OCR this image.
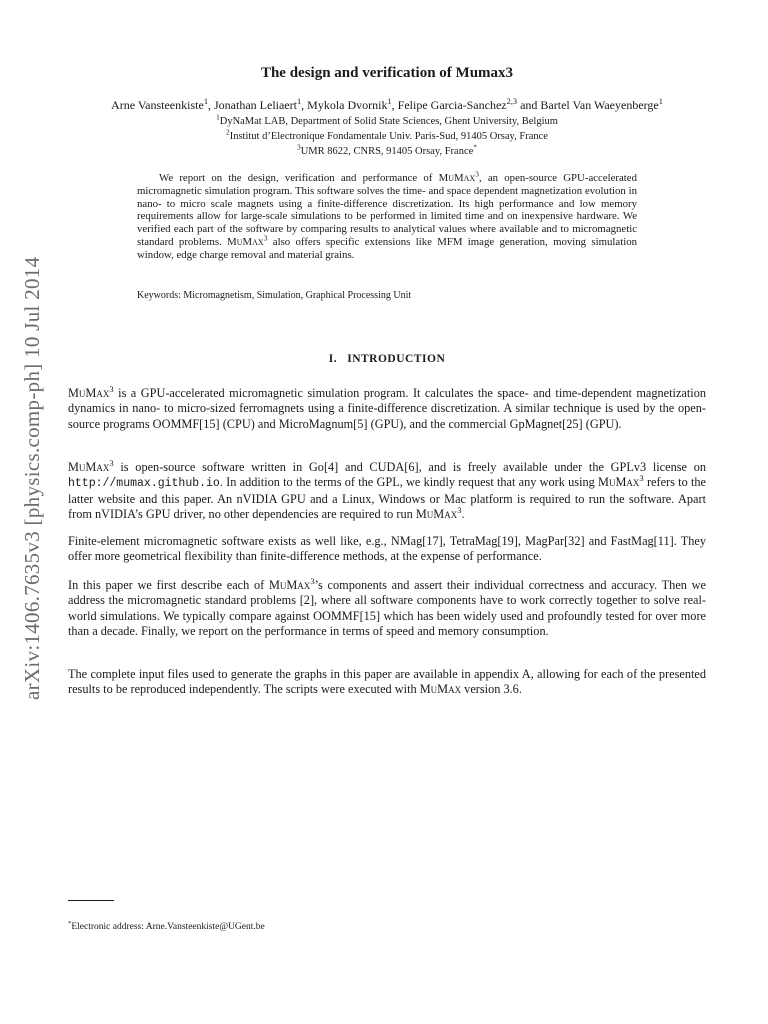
arXiv:1406.7635v3 [physics.comp-ph] 10 Jul 2014
The design and verification of Mumax3
Arne Vansteenkiste$^1$, Jonathan Leliaert$^1$, Mykola Dvornik$^1$, Felipe Garcia-Sanchez$^{2,3}$ and Bartel Van Waeyenberge$^1$
$^1$DyNaMat LAB, Department of Solid State Sciences, Ghent University, Belgium
$^2$Institut d’Electronique Fondamentale Univ. Paris-Sud, 91405 Orsay, France
$^3$UMR 8622, CNRS, 91405 Orsay, France*

We report on the design, verification and performance of MuMax$^3$, an open-source GPU-accelerated micromagnetic simulation program. This software solves the time- and space dependent magnetization evolution in nano- to micro scale magnets using a finite-difference discretization. Its high performance and low memory requirements allow for large-scale simulations to be performed in limited time and on inexpensive hardware. We verified each part of the software by comparing results to analytical values where available and to micromagnetic standard problems. MuMax$^3$ also offers specific extensions like MFM image generation, moving simulation window, edge charge removal and material grains.

Keywords: Micromagnetism, Simulation, Graphical Processing Unit
I. INTRODUCTION

MuMax$^3$ is a GPU-accelerated micromagnetic simulation program. It calculates the space- and time-dependent magnetization dynamics in nano- to micro-sized ferromagnets using a finite-difference discretization. A similar technique is used by the open-source programs OOMMF[15] (CPU) and MicroMagnum[5] (GPU), and the commercial GpMagnet[25] (GPU).

MuMax$^3$ is open-source software written in Go[4] and CUDA[6], and is freely available under the GPLv3 license on http://mumax.github.io. In addition to the terms of the GPL, we kindly request that any work using MuMax$^3$ refers to the latter website and this paper. An nVIDIA GPU and a Linux, Windows or Mac platform is required to run the software. Apart from nVIDIA’s GPU driver, no other dependencies are required to run MuMax$^3$.

Finite-element micromagnetic software exists as well like, e.g., NMag[17], TetraMag[19], MagPar[32] and FastMag[11]. They offer more geometrical flexibility than finite-difference methods, at the expense of performance.

In this paper we first describe each of MuMax$^3$’s components and assert their individual correctness and accuracy. Then we address the micromagnetic standard problems [2], where all software components have to work correctly together to solve real-world simulations. We typically compare against OOMMF[15] which has been widely used and profoundly tested for over more than a decade. Finally, we report on the performance in terms of speed and memory consumption.

The complete input files used to generate the graphs in this paper are available in appendix A, allowing for each of the presented results to be reproduced independently. The scripts were executed with MuMax version 3.6.

*Electronic address: Arne.Vansteenkiste@UGent.be
